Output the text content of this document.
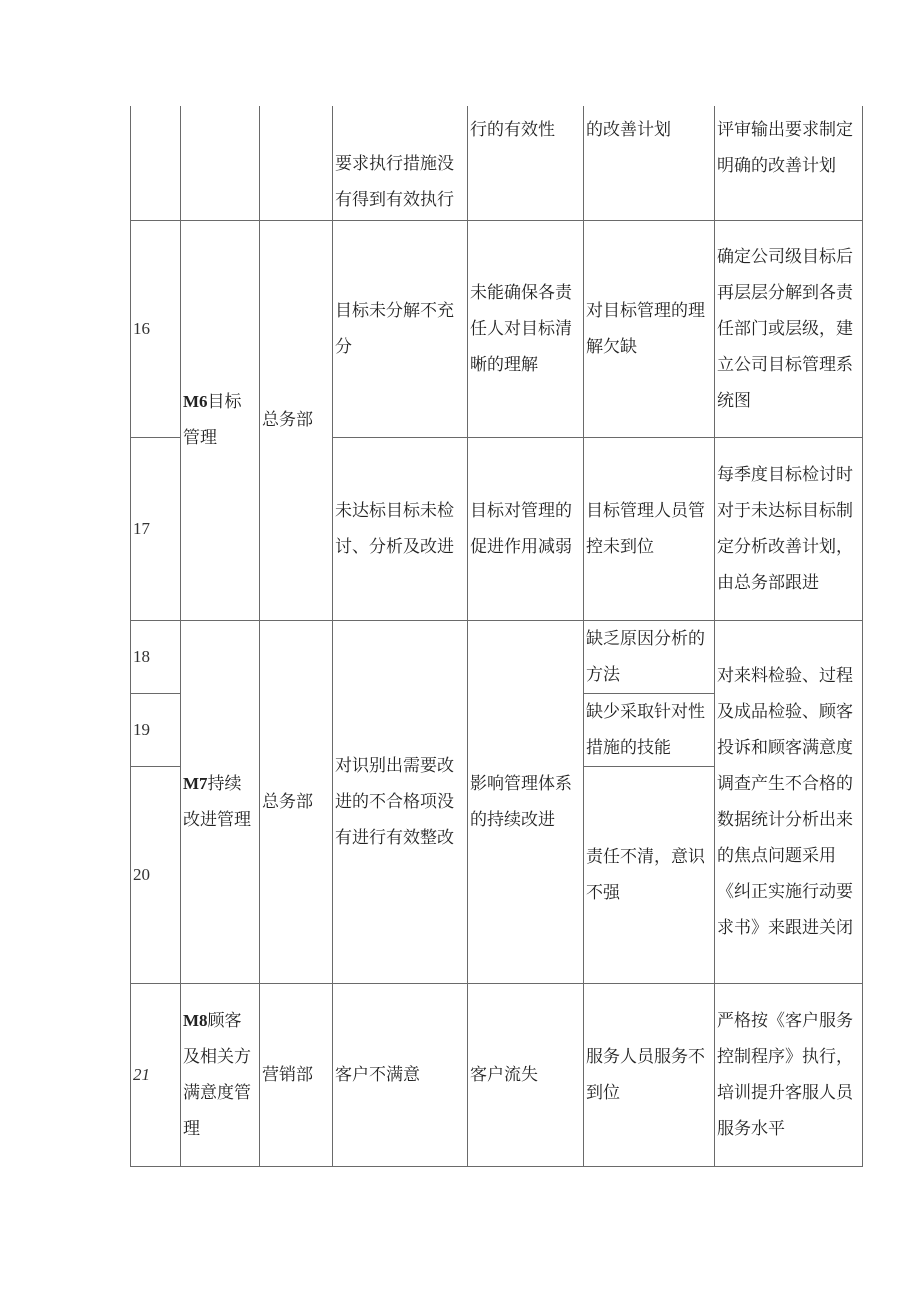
			要求执行措施没有得到有效执行	行的有效性	的改善计划	评审输出要求制定明确的改善计划
16	M6目标管理	总务部	目标未分解不充分	未能确保各责任人对目标清晰的理解	对目标管理的理解欠缺	确定公司级目标后再层层分解到各责任部门或层级，建立公司目标管理系统图
17			未达标目标未检讨、分析及改进	目标对管理的促进作用减弱	目标管理人员管控未到位	每季度目标检讨时对于未达标目标制定分析改善计划，由总务部跟进
18	M7持续改进管理	总务部	对识别出需要改进的不合格项没有进行有效整改	影响管理体系的持续改进	缺乏原因分析的方法	对来料检验、过程及成品检验、顾客投诉和顾客满意度调查产生不合格的数据统计分析出来的焦点问题采用《纠正实施行动要求书》来跟进关闭
19					缺少采取针对性措施的技能	
20					责任不清，意识不强	
21	M8顾客及相关方满意度管理	营销部	客户不满意	客户流失	服务人员服务不到位	严格按《客户服务控制程序》执行，培训提升客服人员服务水平
